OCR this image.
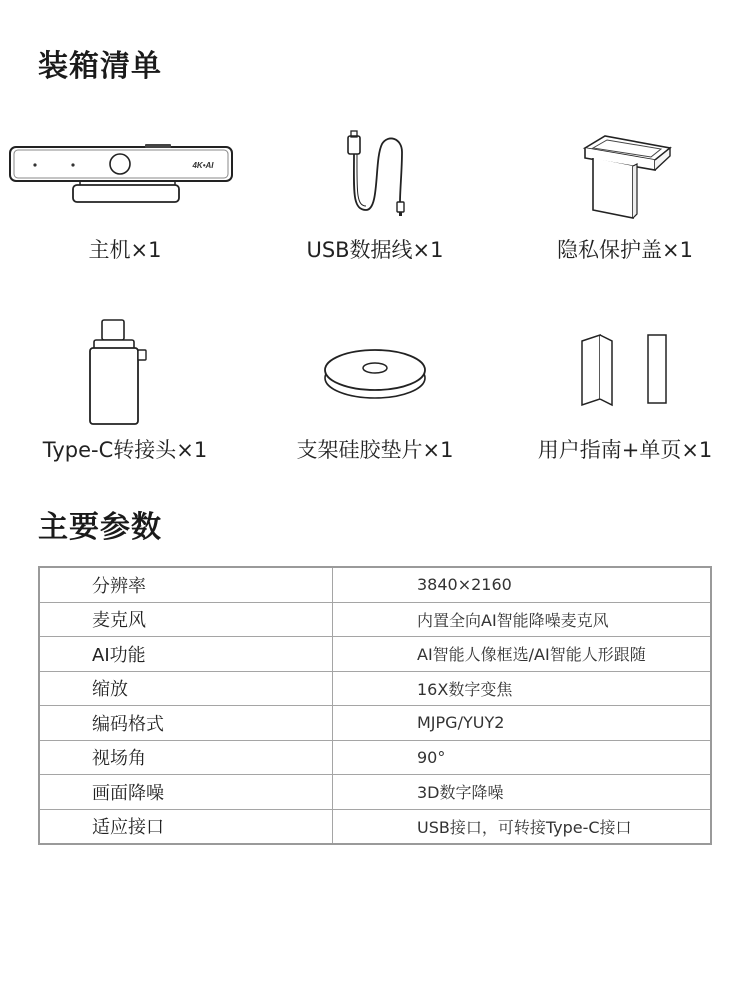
装箱清单
4K•AI
主机×1	USB数据线×1	隐私保护盖×1
Type-C转接头×1	支架硅胶垫片×1	用户指南+单页×1
主要参数
分辨率	3840×2160
麦克风	内置全向AI智能降噪麦克风
AI功能	AI智能人像框选/AI智能人形跟随
缩放	16X数字变焦
编码格式	MJPG/YUY2
视场角	90°
画面降噪	3D数字降噪
适应接口	USB接口，可转接Type-C接口
